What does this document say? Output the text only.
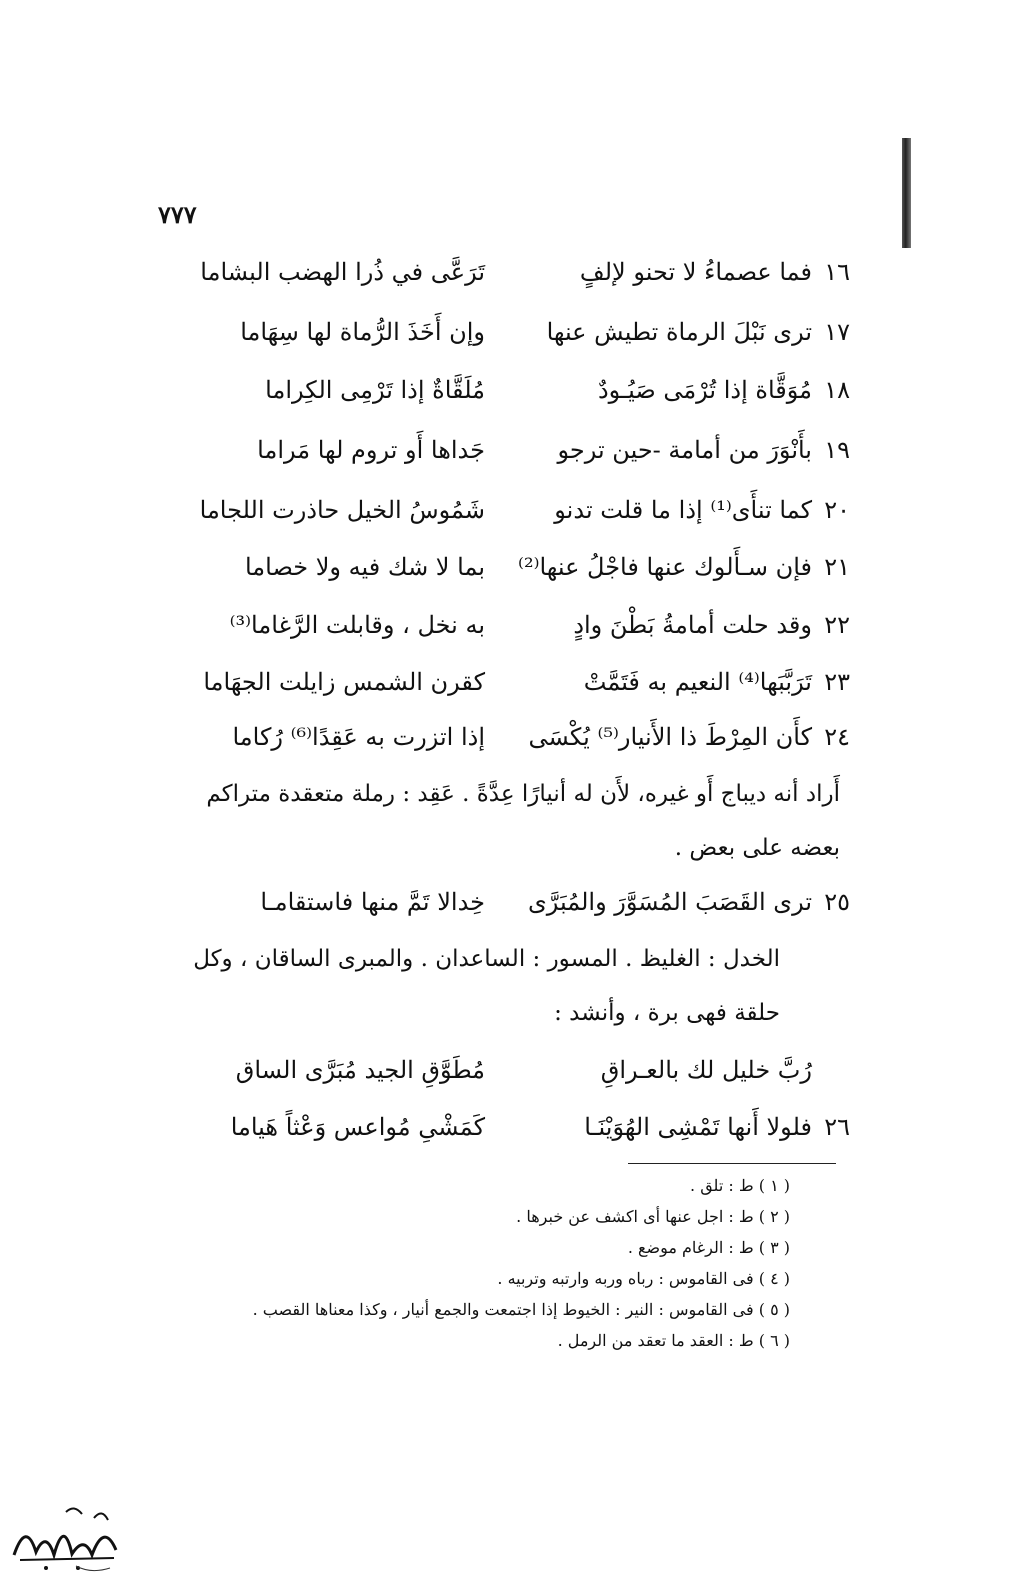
٧٧٧
١٦
فما عصماءُ لا تحنو لإلفٍ
تَرَعَّى في ذُرا الهضب البشاما
١٧
ترى نَبْلَ الرماة تطيش عنها
وإن أَخَذَ الرُّماة لها سِهَاما
١٨
مُوَقَّاة إذا تُرْمَى صَيُـودٌ
مُلَقَّاةٌ إذا تَرْمِى الكِراما
١٩
بأَنْوَرَ من أمامة -حين ترجو
جَداها أَو تروم لها مَراما
٢٠
كما تنأَى⁽¹⁾ إذا ما قلت تدنو
شَمُوسُ الخيل حاذرت اللجاما
٢١
فإن سـأَلوك عنها فاجْلُ عنها⁽²⁾
بما لا شك فيه ولا خصاما
٢٢
وقد حلت أمامةُ بَطْنَ وادٍ
به نخل ، وقابلت الرَّغاما⁽³⁾
٢٣
تَرَبَّبَها⁽⁴⁾ النعيم به فَتَمَّتْ
كقرن الشمس زايلت الجهَاما
٢٤
كأَن المِرْطَ ذا الأَنيار⁽⁵⁾ يُكْسَى
إذا اتزرت به عَقِدًا⁽⁶⁾ رُكاما
أَراد أنه ديباج أَو غيره، لأَن له أنيارًا عِدَّةً . عَقِد : رملة متعقدة متراكم بعضه على بعض .
٢٥
ترى القَصَبَ المُسَوَّرَ والمُبَرَّى
خِدالا تَمَّ منها فاستقامـا
الخدل : الغليظ . المسور : الساعدان . والمبرى الساقان ، وكل حلقة فهى برة ، وأنشد :
رُبَّ خليل لك بالعـراقِ
مُطَوَّقِ الجيد مُبَرَّى الساق
٢٦
فلولا أَنها تَمْشِى الهُوَيْنَـا
كَمَشْىِ مُواعس وَعْثاً هَياما
( ١ ) ط : تلق .
( ٢ ) ط : اجل عنها أى اكشف عن خبرها .
( ٣ ) ط : الرغام موضع .
( ٤ ) فى القاموس : رباه وربه وارتبه وتربيه .
( ٥ ) فى القاموس : النير : الخيوط إذا اجتمعت والجمع أنيار ، وكذا معناها القصب .
( ٦ ) ط : العقد ما تعقد من الرمل .
